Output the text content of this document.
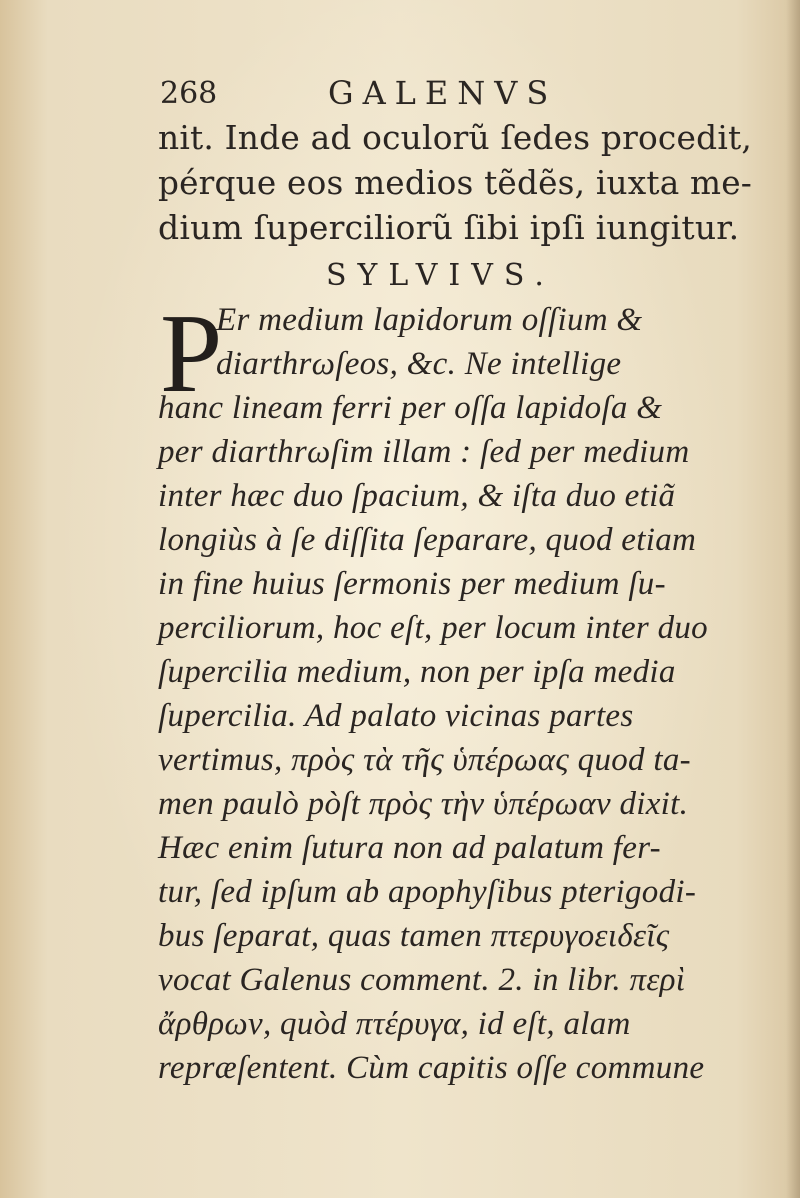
268	GALENVS
P
nit. Inde ad oculorũ ſedes procedit,
pérque eos medios tẽdẽs, iuxta me-
dium ſuperciliorũ ſibi ipſi iungitur.
SYLVIVS.
Er medium lapidorum oſſium &
diarthrωſeos, &c. Ne intellige
hanc lineam ferri per oſſa lapidoſa &
per diarthrωſim illam : ſed per medium
inter hæc duo ſpacium, & iſta duo etiã
longiùs à ſe diſſita ſeparare, quod etiam
in fine huius ſermonis per medium ſu-
perciliorum, hoc eſt, per locum inter duo
ſupercilia medium, non per ipſa media
ſupercilia. Ad palato vicinas partes
vertimus, πρὸς τὰ τῆς ὑπέρωας quod ta-
men paulò pòſt πρὸς τὴν ὑπέρωαν dixit.
Hæc enim ſutura non ad palatum fer-
tur, ſed ipſum ab apophyſibus pterigodi-
bus ſeparat, quas tamen πτερυγοειδεῖς
vocat Galenus comment. 2. in libr. περὶ
ἄρθρων, quòd πτέρυγα, id eſt, alam
repræſentent. Cùm capitis oſſe commune
